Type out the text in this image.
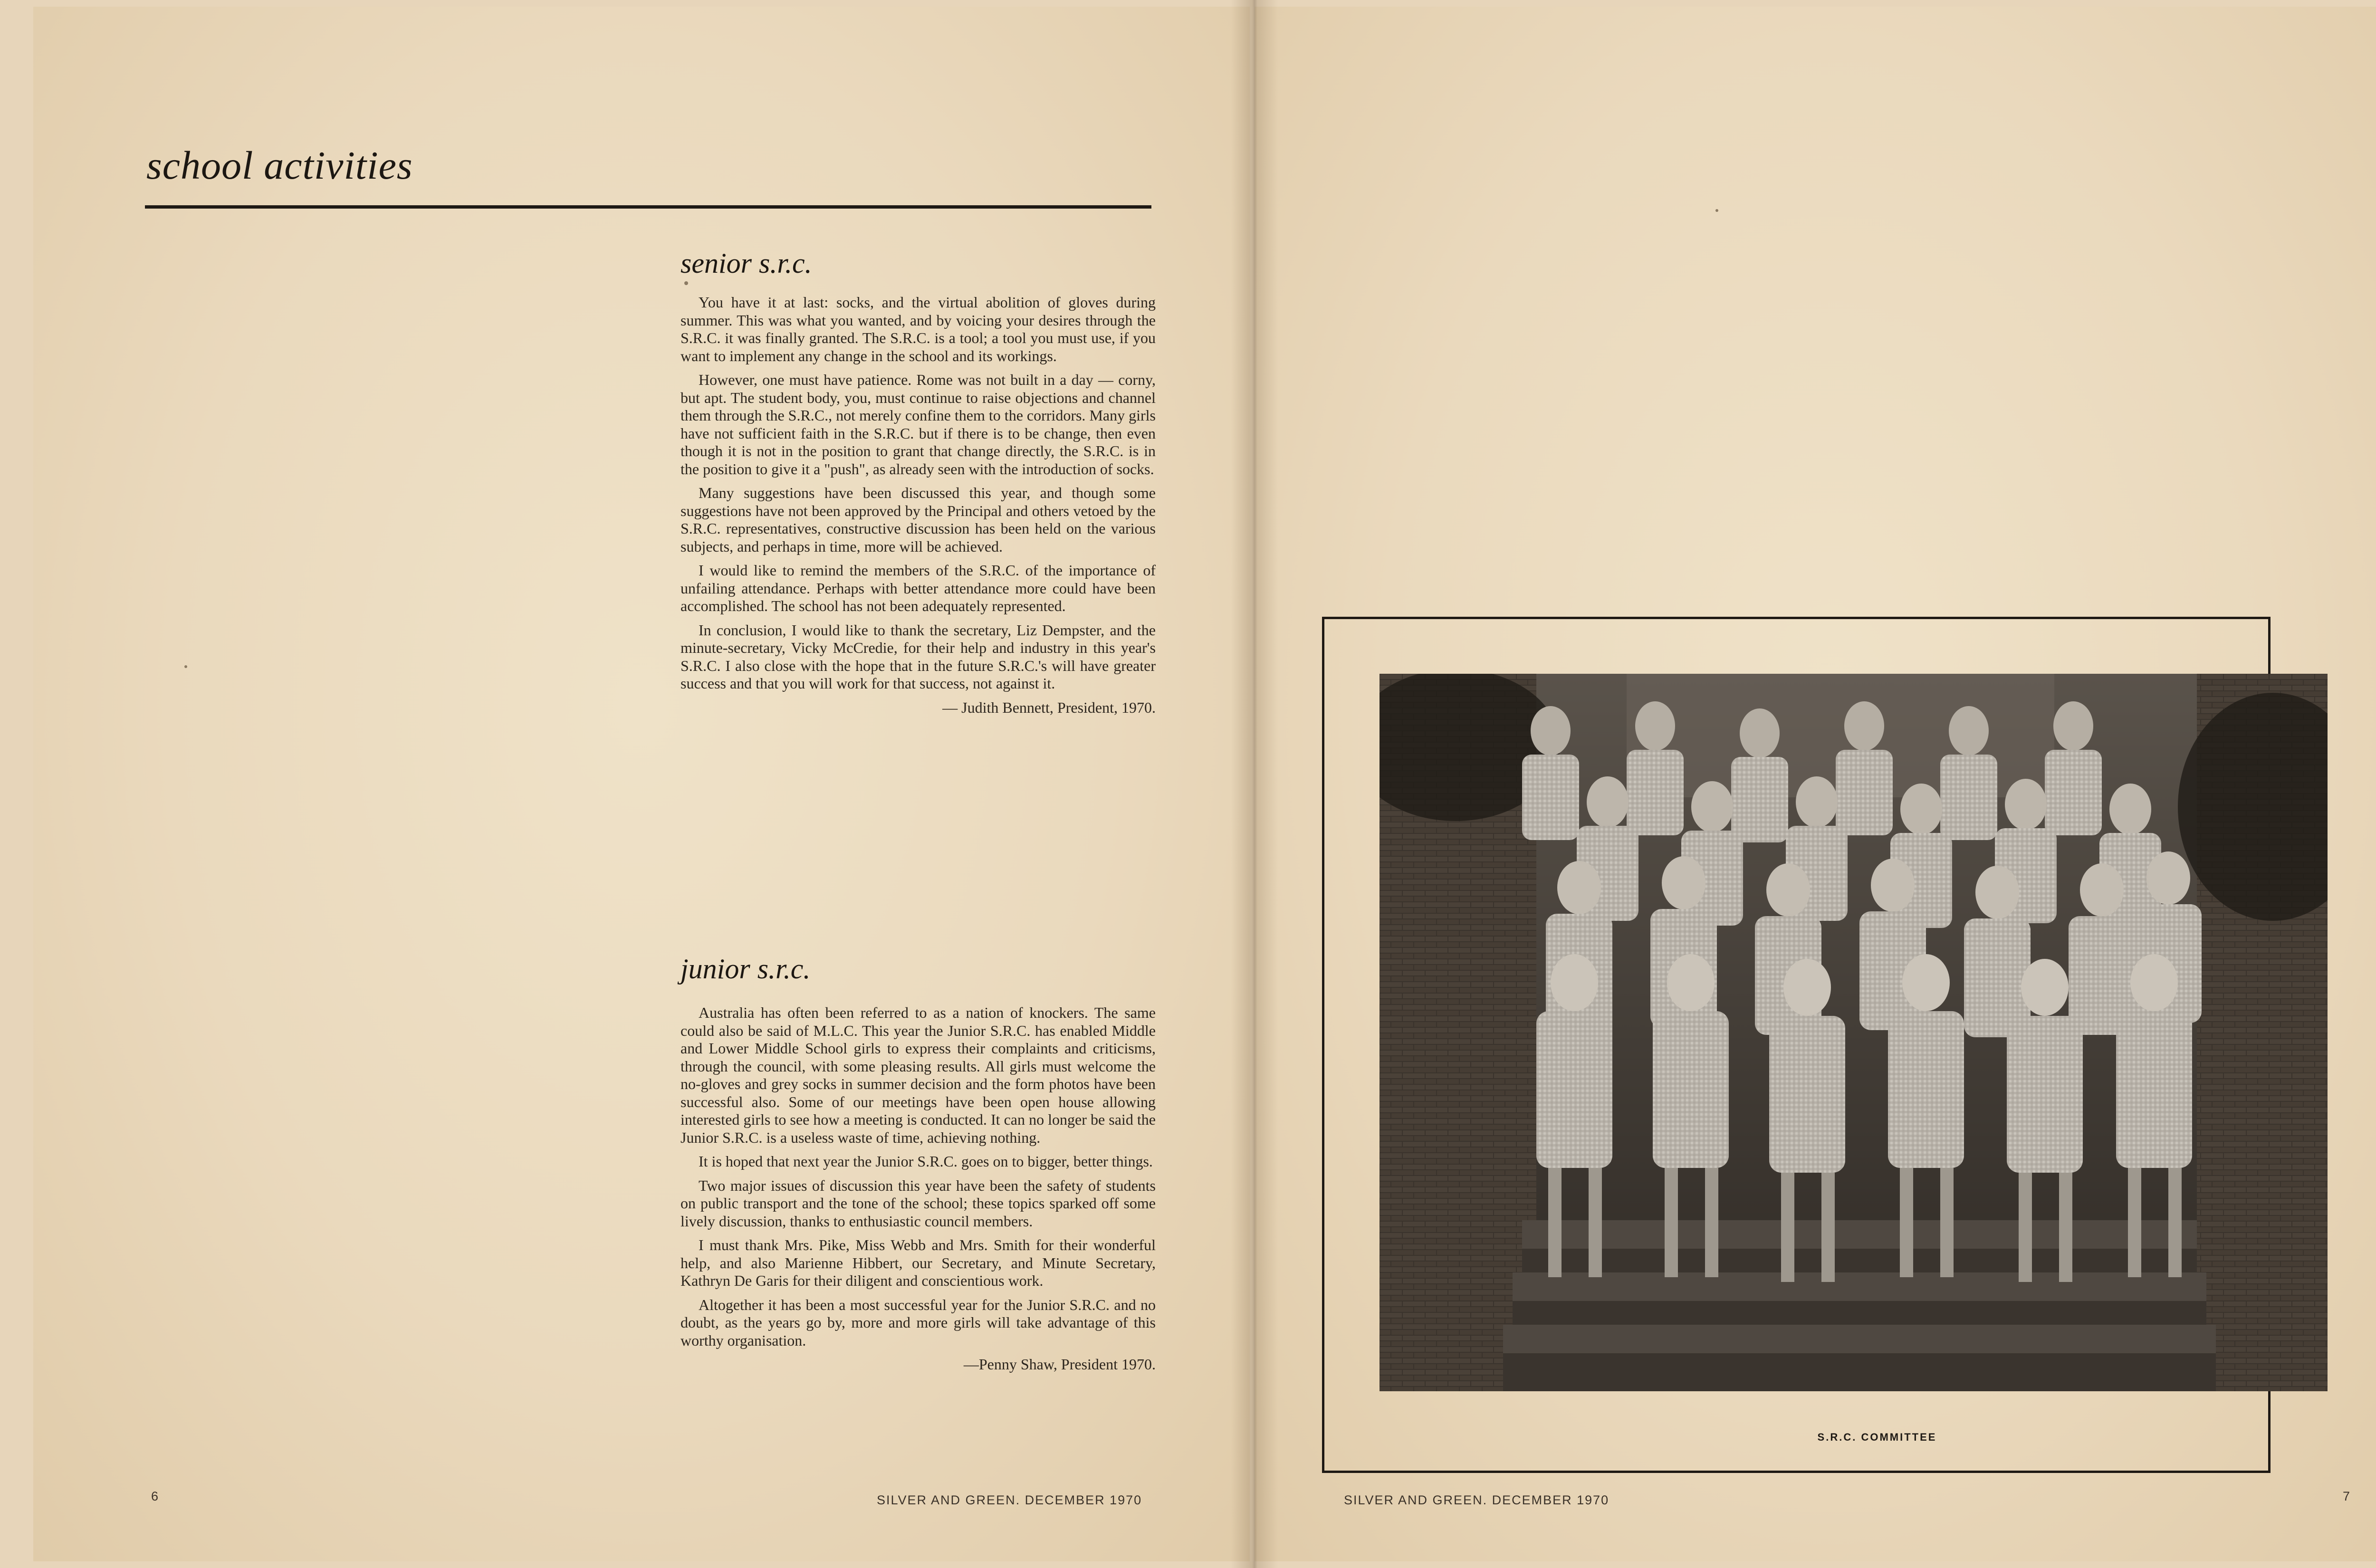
school activities
senior s.r.c.

You have it at last: socks, and the virtual abolition of gloves during summer. This was what you wanted, and by voicing your desires through the S.R.C. it was finally granted. The S.R.C. is a tool; a tool you must use, if you want to implement any change in the school and its workings.

However, one must have patience. Rome was not built in a day — corny, but apt. The student body, you, must continue to raise objections and channel them through the S.R.C., not merely confine them to the corridors. Many girls have not sufficient faith in the S.R.C. but if there is to be change, then even though it is not in the position to grant that change directly, the S.R.C. is in the position to give it a "push", as already seen with the introduction of socks.

Many suggestions have been discussed this year, and though some suggestions have not been approved by the Principal and others vetoed by the S.R.C. representatives, constructive discussion has been held on the various subjects, and perhaps in time, more will be achieved.

I would like to remind the members of the S.R.C. of the importance of unfailing attendance. Perhaps with better attendance more could have been accomplished. The school has not been adequately represented.

In conclusion, I would like to thank the secretary, Liz Dempster, and the minute-secretary, Vicky McCredie, for their help and industry in this year's S.R.C. I also close with the hope that in the future S.R.C.'s will have greater success and that you will work for that success, not against it.

— Judith Bennett, President, 1970.

junior s.r.c.

Australia has often been referred to as a nation of knockers. The same could also be said of M.L.C. This year the Junior S.R.C. has enabled Middle and Lower Middle School girls to express their complaints and criticisms, through the council, with some pleasing results. All girls must welcome the no-gloves and grey socks in summer decision and the form photos have been successful also. Some of our meetings have been open house allowing interested girls to see how a meeting is conducted. It can no longer be said the Junior S.R.C. is a useless waste of time, achieving nothing.

It is hoped that next year the Junior S.R.C. goes on to bigger, better things.

Two major issues of discussion this year have been the safety of students on public transport and the tone of the school; these topics sparked off some lively discussion, thanks to enthusiastic council members.

I must thank Mrs. Pike, Miss Webb and Mrs. Smith for their wonderful help, and also Marienne Hibbert, our Secretary, and Minute Secretary, Kathryn De Garis for their diligent and conscientious work.

Altogether it has been a most successful year for the Junior S.R.C. and no doubt, as the years go by, more and more girls will take advantage of this worthy organisation.

—Penny Shaw, President 1970.

6	SILVER AND GREEN. DECEMBER 1970	SILVER AND GREEN. DECEMBER 1970	7

S.R.C. COMMITTEE
